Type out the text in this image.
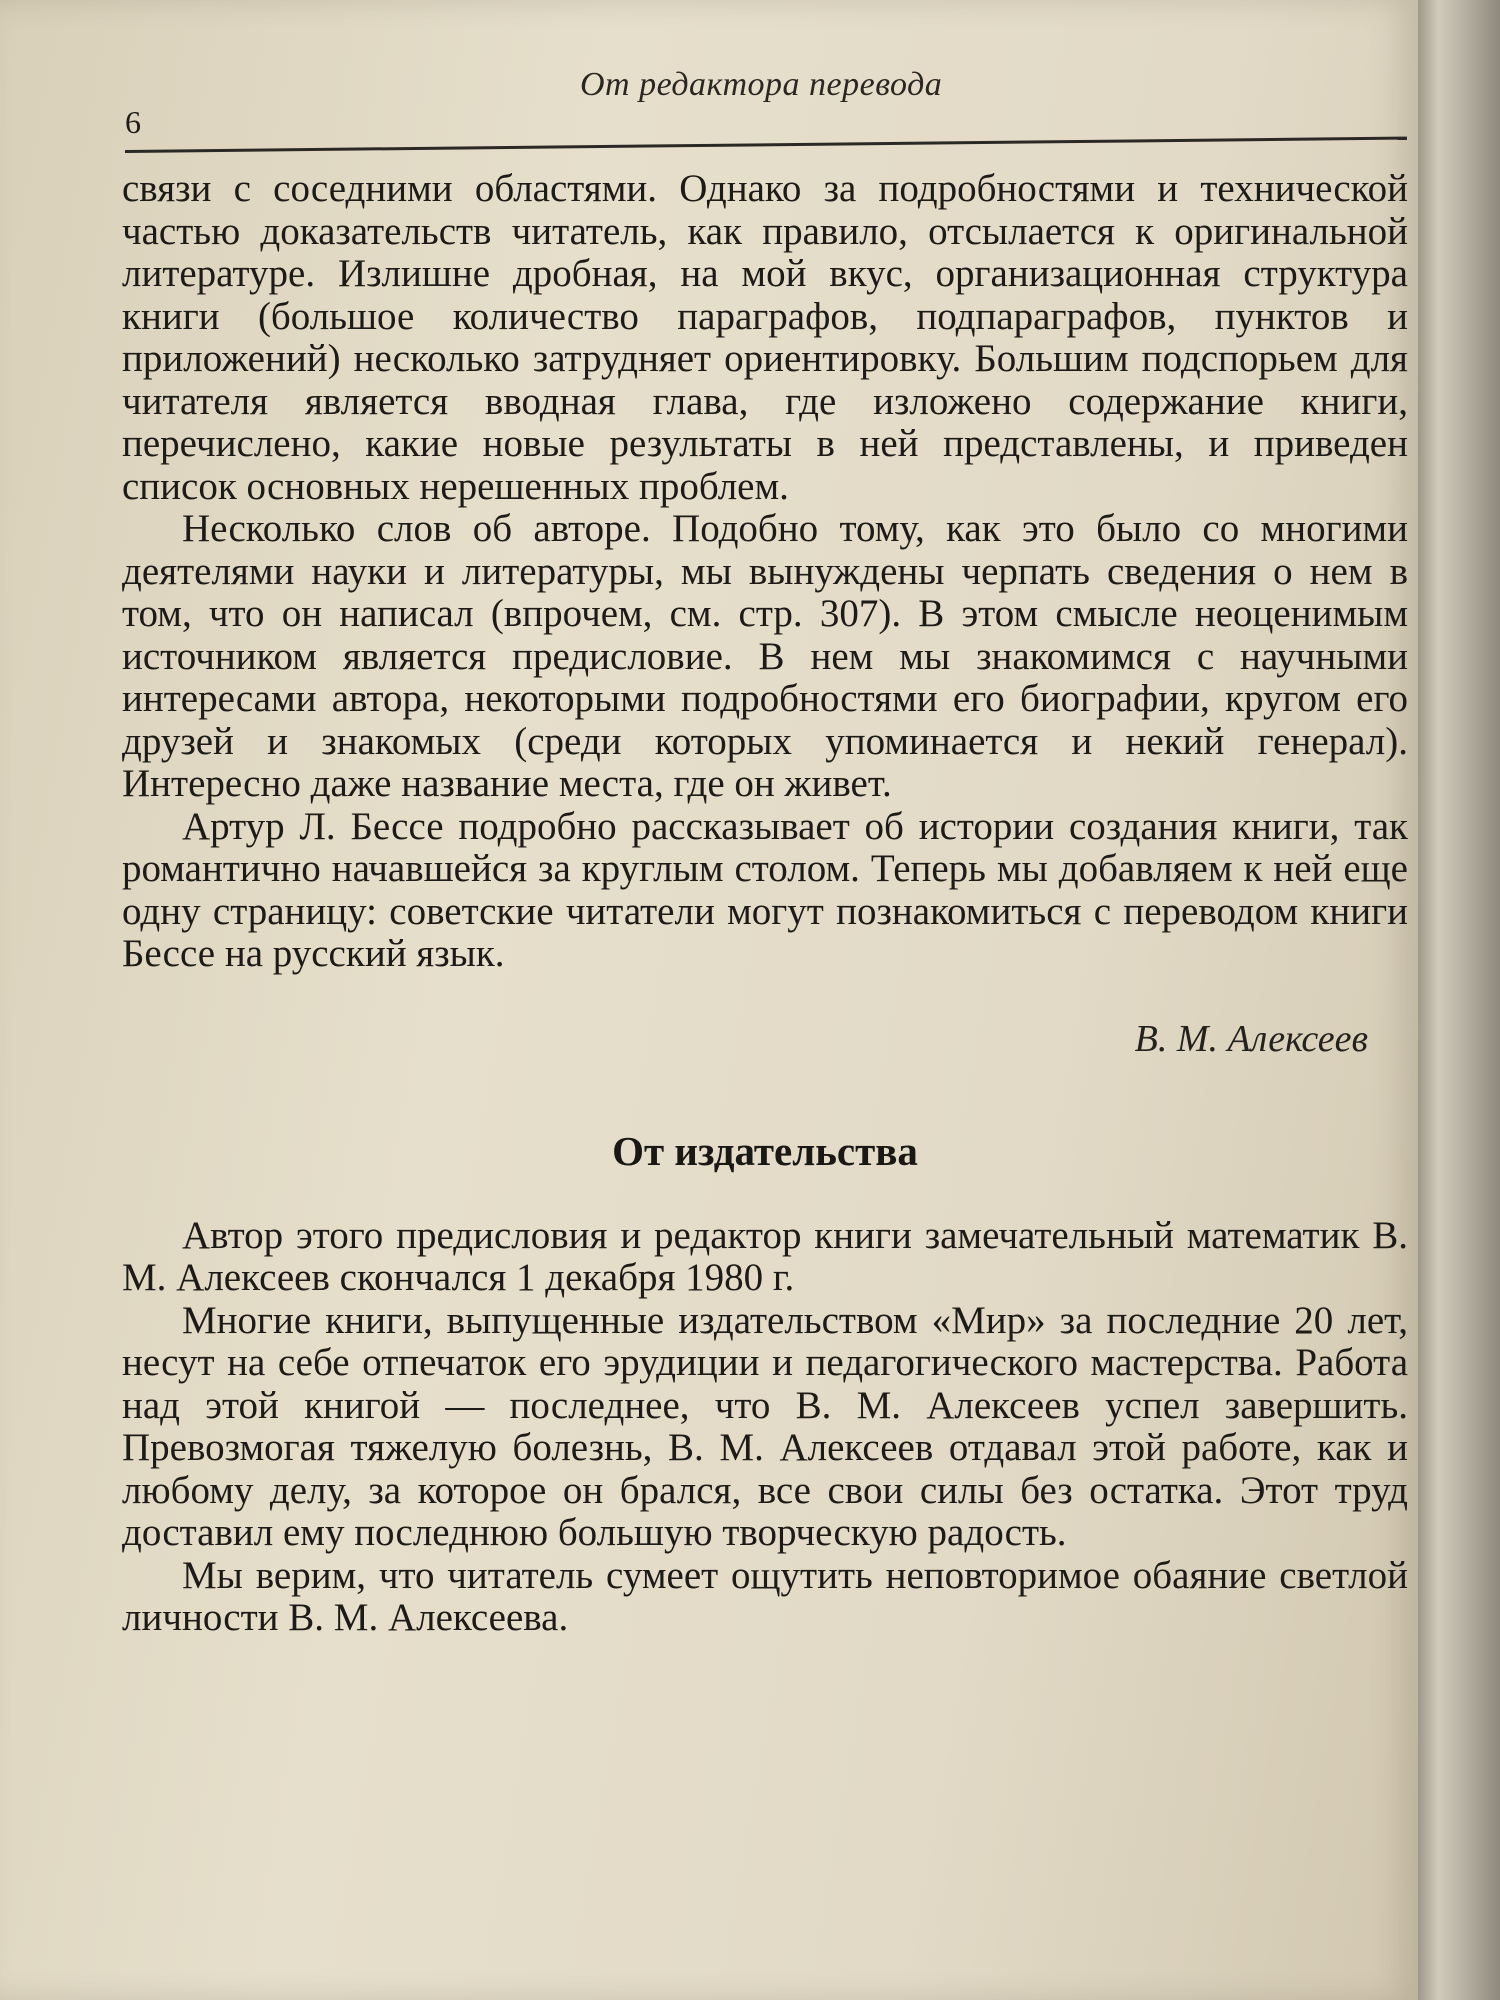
6
От редактора перевода

связи с соседними областями. Однако за подробностями и технической частью доказательств читатель, как правило, отсылается к оригинальной литературе. Излишне дробная, на мой вкус, организационная структура книги (большое количество параграфов, подпараграфов, пунктов и приложений) несколько затрудняет ориентировку. Большим подспорьем для читателя является вводная глава, где изложено содержание книги, перечислено, какие новые результаты в ней представлены, и приведен список основных нерешенных проблем.

Несколько слов об авторе. Подобно тому, как это было со многими деятелями науки и литературы, мы вынуждены черпать сведения о нем в том, что он написал (впрочем, см. стр. 307). В этом смысле неоценимым источником является предисловие. В нем мы знакомимся с научными интересами автора, некоторыми подробностями его биографии, кругом его друзей и знакомых (среди которых упоминается и некий генерал). Интересно даже название места, где он живет.

Артур Л. Бессе подробно рассказывает об истории создания книги, так романтично начавшейся за круглым столом. Теперь мы добавляем к ней еще одну страницу: советские читатели могут познакомиться с переводом книги Бессе на русский язык.

В. М. Алексеев
От издательства

Автор этого предисловия и редактор книги замечательный математик В. М. Алексеев скончался 1 декабря 1980 г.

Многие книги, выпущенные издательством «Мир» за последние 20 лет, несут на себе отпечаток его эрудиции и педагогического мастерства. Работа над этой книгой — последнее, что В. М. Алексеев успел завершить. Превозмогая тяжелую болезнь, В. М. Алексеев отдавал этой работе, как и любому делу, за которое он брался, все свои силы без остатка. Этот труд доставил ему последнюю большую творческую радость.

Мы верим, что читатель сумеет ощутить неповторимое обаяние светлой личности В. М. Алексеева.
